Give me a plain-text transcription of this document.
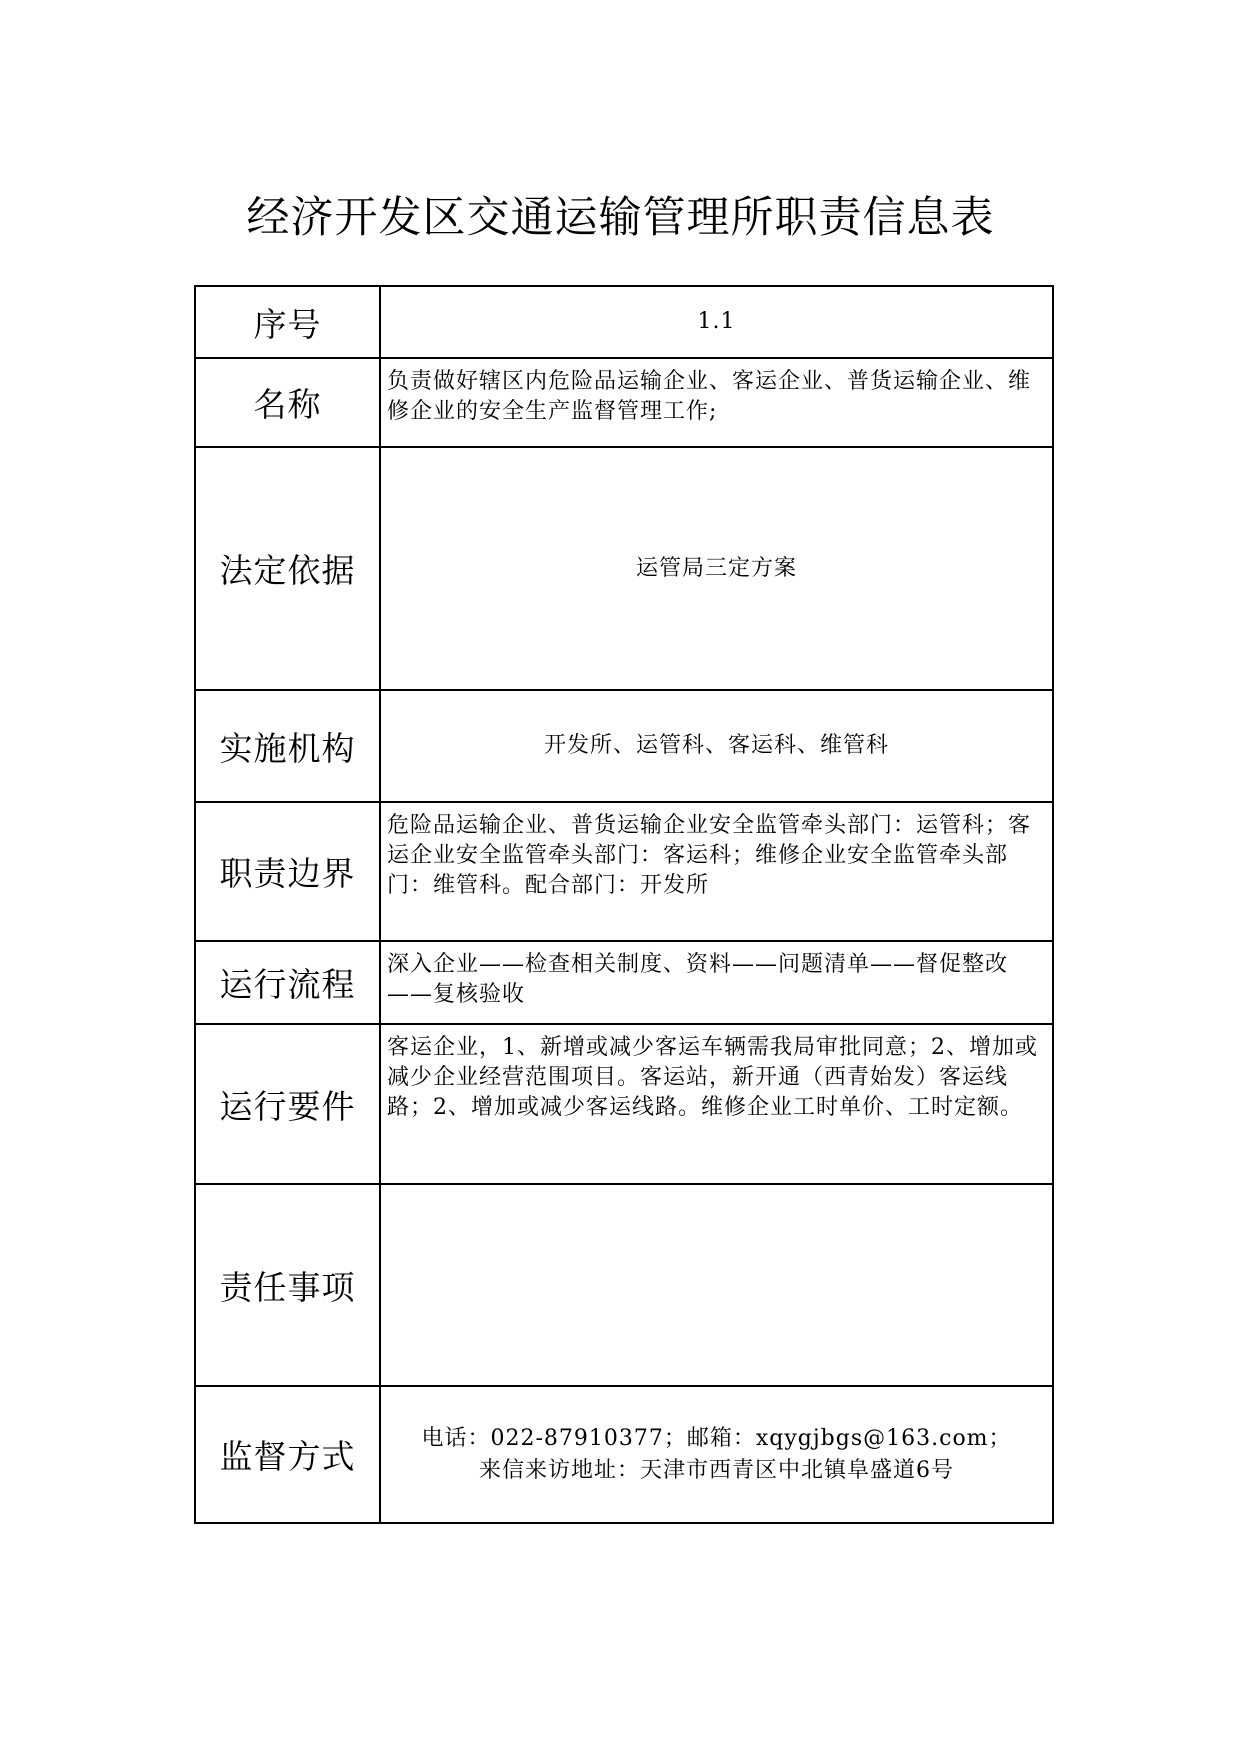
经济开发区交通运输管理所职责信息表
序号	1.1
名称	负责做好辖区内危险品运输企业、客运企业、普货运输企业、维修企业的安全生产监督管理工作;
法定依据	运管局三定方案
实施机构	开发所、运管科、客运科、维管科
职责边界	危险品运输企业、普货运输企业安全监管牵头部门：运管科；客运企业安全监管牵头部门：客运科；维修企业安全监管牵头部门：维管科。配合部门：开发所
运行流程	深入企业——检查相关制度、资料——问题清单——督促整改——复核验收
运行要件	客运企业，1、新增或减少客运车辆需我局审批同意；2、增加或减少企业经营范围项目。客运站，新开通（西青始发）客运线路；2、增加或减少客运线路。维修企业工时单价、工时定额。
责任事项	
监督方式	电话：022-87910377；邮箱：xqygjbgs@163.com；
来信来访地址：天津市西青区中北镇阜盛道6号
